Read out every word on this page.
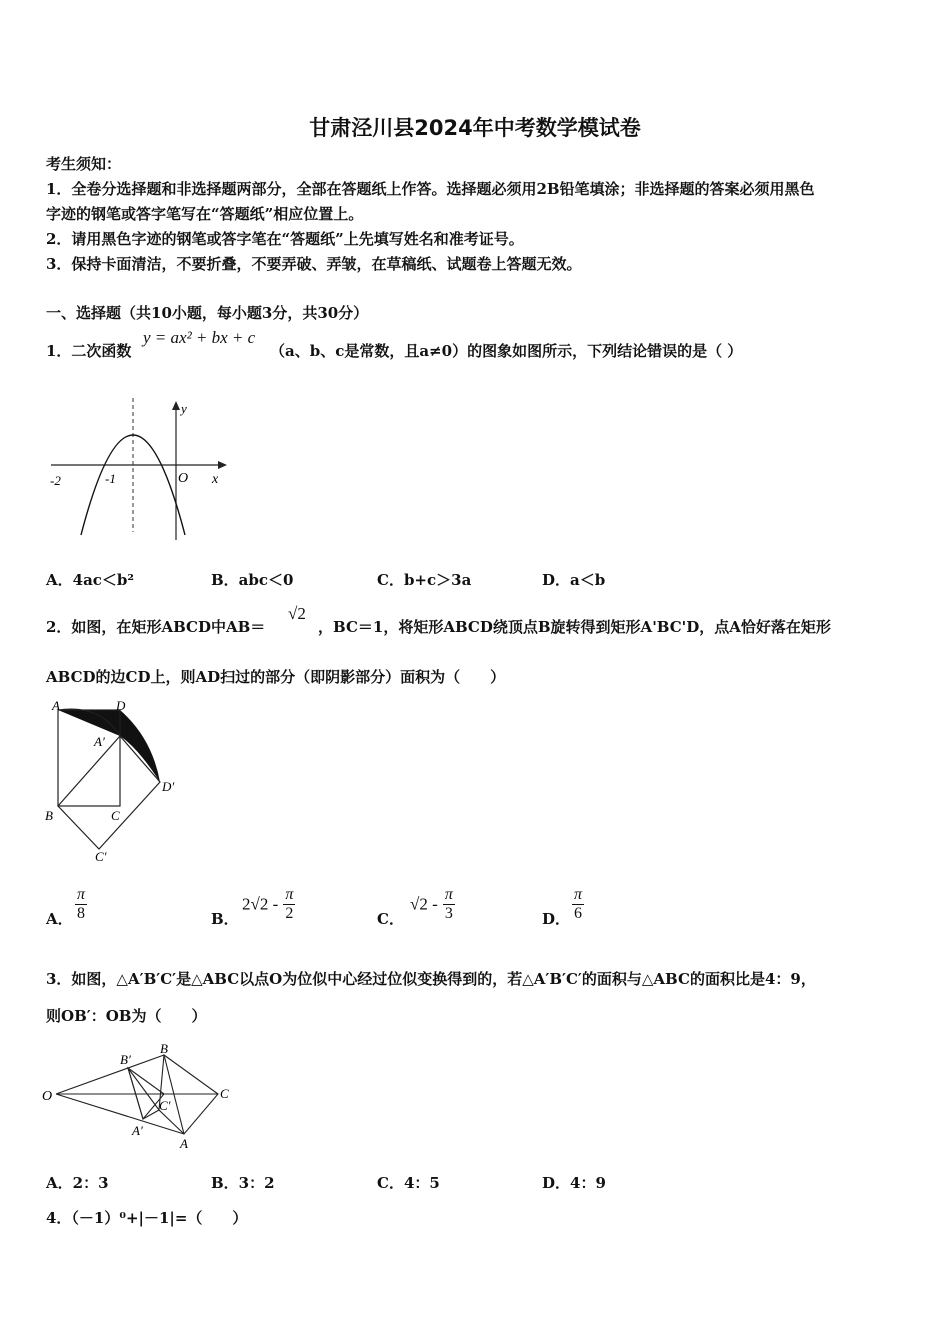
甘肃泾川县2024年中考数学模试卷
考生须知：
1．全卷分选择题和非选择题两部分，全部在答题纸上作答。选择题必须用2B铅笔填涂；非选择题的答案必须用黑色
字迹的钢笔或答字笔写在“答题纸”相应位置上。
2．请用黑色字迹的钢笔或答字笔在“答题纸”上先填写姓名和准考证号。
3．保持卡面清洁，不要折叠，不要弄破、弄皱，在草稿纸、试题卷上答题无效。
一、选择题（共10小题，每小题3分，共30分）
1．二次函数
y = ax² + bx + c
（a、b、c是常数，且a≠0）的图象如图所示，下列结论错误的是（ ）
y
x
O
-2	-1
A．4ac＜b²	B．abc＜0	C．b+c＞3a	D．a＜b
2．如图，在矩形ABCD中AB＝
√2
，BC＝1，将矩形ABCD绕顶点B旋转得到矩形A'BC'D，点A恰好落在矩形
ABCD的边CD上，则AD扫过的部分（即阴影部分）面积为（　　）
A	D
A′
D′
B	C
C′
A． $\frac{\pi}{8}$	B．
$2√2 - \frac{\pi}{2}$	C．
$√2 - \frac{\pi}{3}$	D． $\frac{\pi}{6}$
3．如图，△A′B′C′是△ABC以点O为位似中心经过位似变换得到的，若△A′B′C′的面积与△ABC的面积比是4：9，
则OB′：OB为（　　）
O
B′
B
C
C′
A′
A
A．2：3	B．3：2	C．4：5	D．4：9
4．（－1）⁰+|－1|=（　　）
